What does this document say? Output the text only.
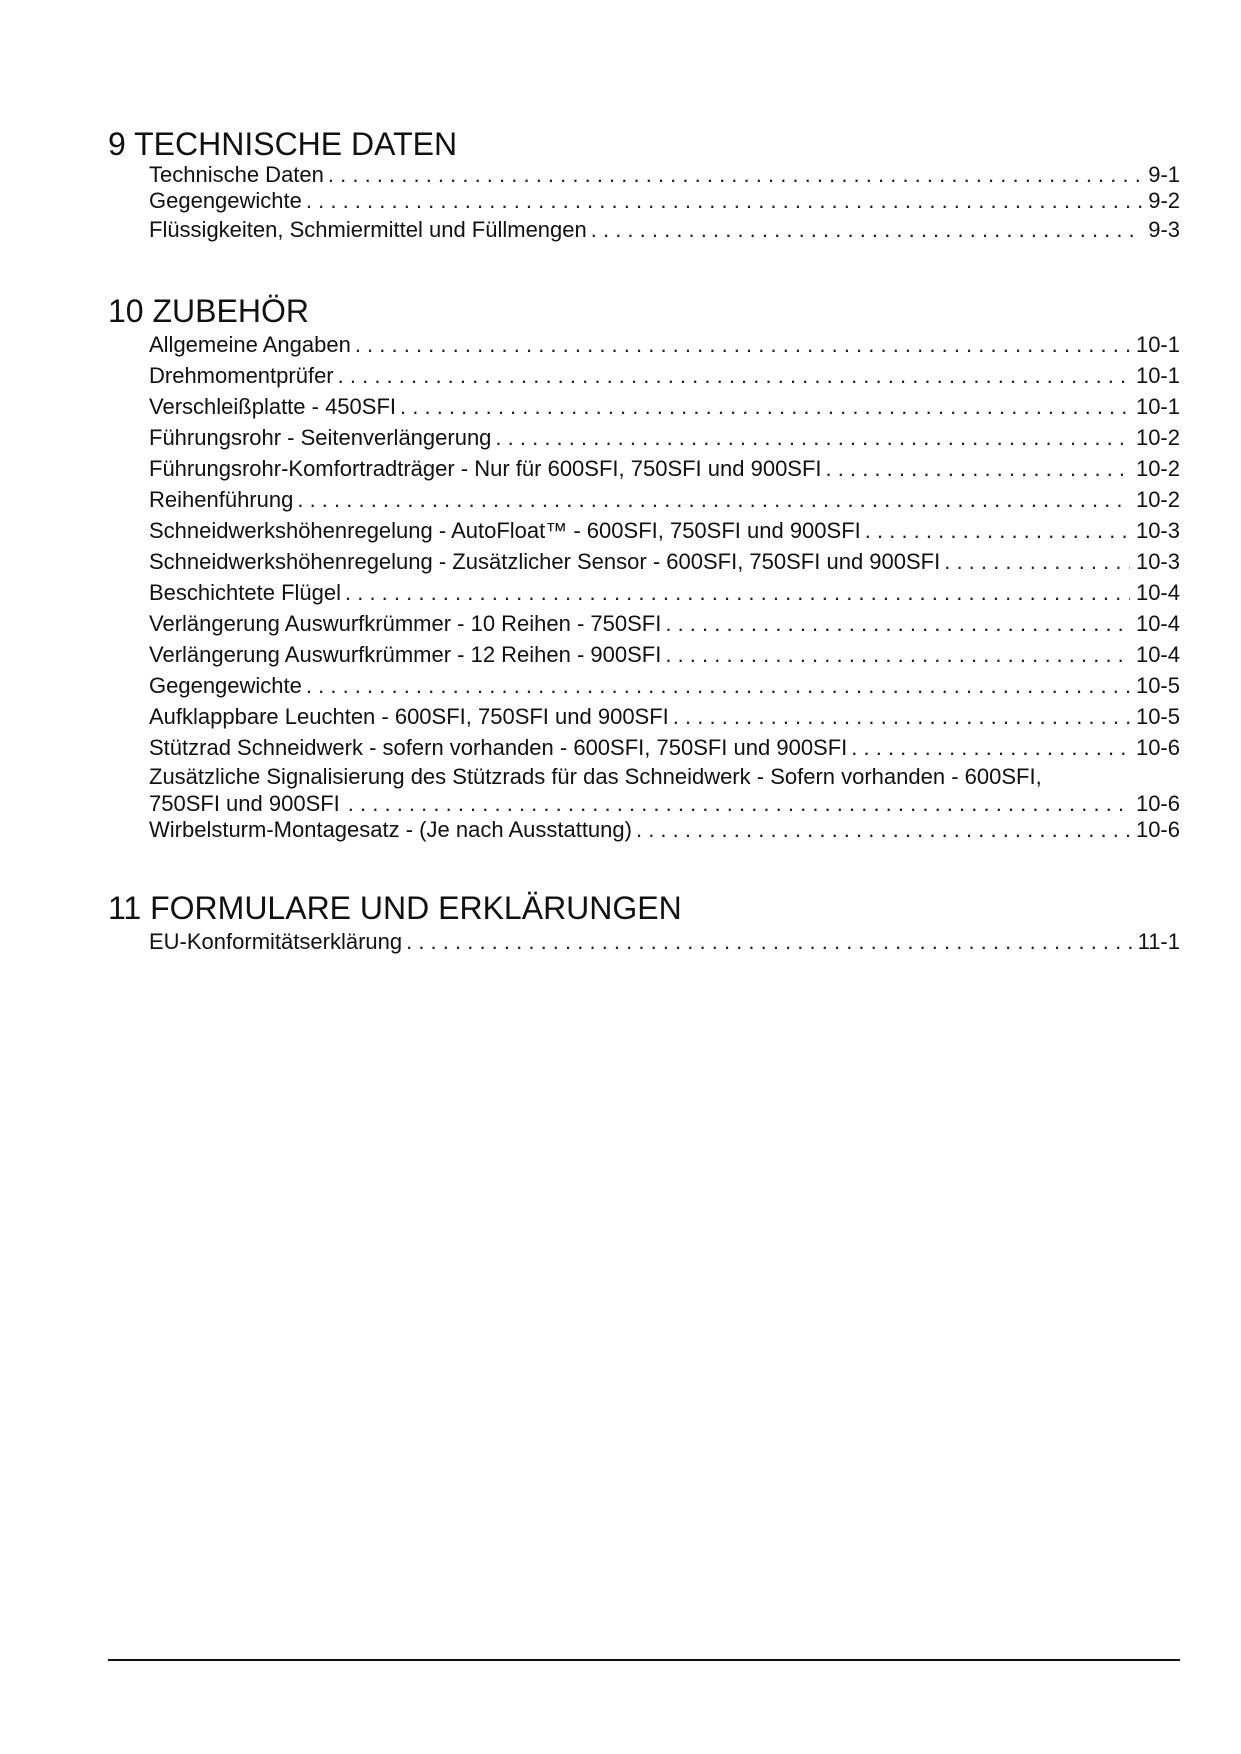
9 TECHNISCHE DATEN
Technische Daten . . .	9-1
Gegengewichte . . .	9-2
Flüssigkeiten, Schmiermittel und Füllmengen . . .	9-3
10 ZUBEHÖR
Allgemeine Angaben . . .	10-1
Drehmomentprüfer . . .	10-1
Verschleißplatte - 450SFI . . .	10-1
Führungsrohr - Seitenverlängerung . . .	10-2
Führungsrohr-Komfortradträger - Nur für 600SFI, 750SFI und 900SFI . . .	10-2
Reihenführung . . .	10-2
Schneidwerkshöhenregelung - AutoFloat™ - 600SFI, 750SFI und 900SFI . . .	10-3
Schneidwerkshöhenregelung - Zusätzlicher Sensor - 600SFI, 750SFI und 900SFI . . .	10-3
Beschichtete Flügel . . .	10-4
Verlängerung Auswurfkrümmer - 10 Reihen - 750SFI . . .	10-4
Verlängerung Auswurfkrümmer - 12 Reihen - 900SFI . . .	10-4
Gegengewichte . . .	10-5
Aufklappbare Leuchten - 600SFI, 750SFI und 900SFI . . .	10-5
Stützrad Schneidwerk - sofern vorhanden - 600SFI, 750SFI und 900SFI . . .	10-6
Zusätzliche Signalisierung des Stützrads für das Schneidwerk - Sofern vorhanden - 600SFI,
750SFI und 900SFI . . .	10-6
Wirbelsturm-Montagesatz - (Je nach Ausstattung) . . .	10-6
11 FORMULARE UND ERKLÄRUNGEN
EU-Konformitätserklärung . . .	11-1
